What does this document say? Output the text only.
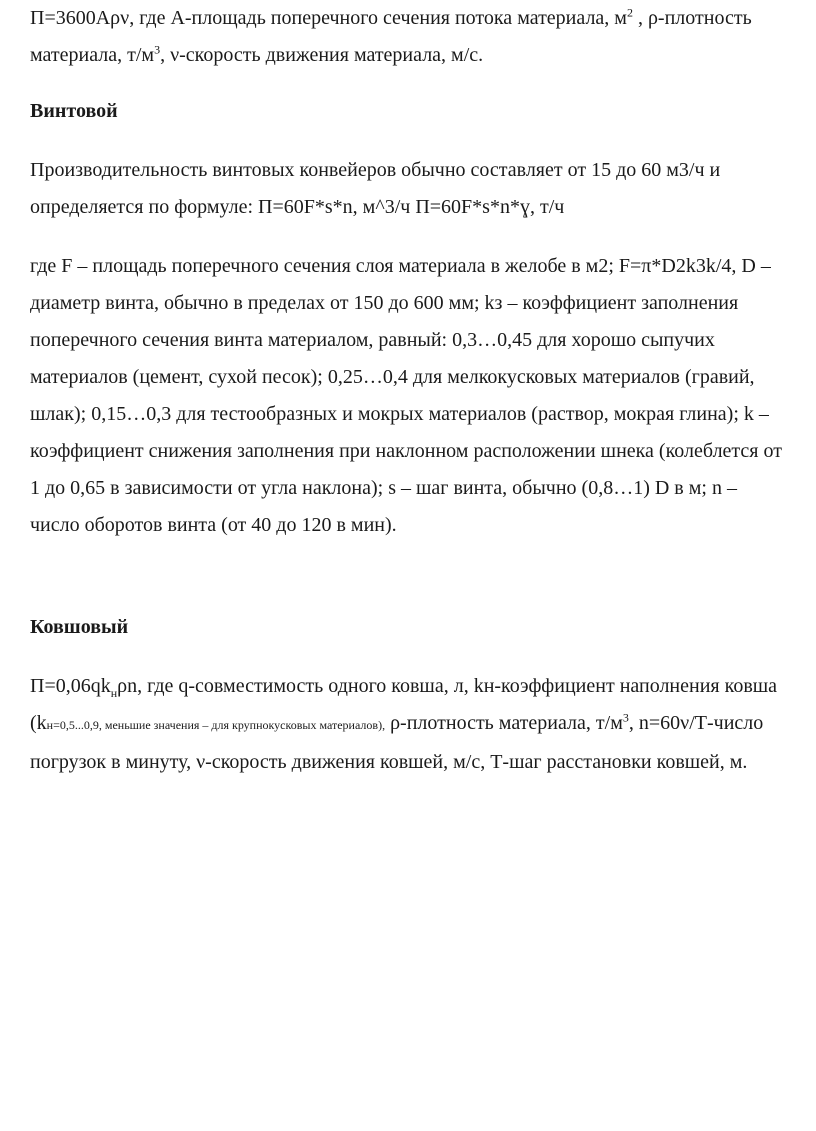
П=3600Аρν, где А-площадь поперечного сечения потока материала, $м^2$ , ρ-плотность материала, $т/м^3$, ν-скорость движения материала, м/с.

Винтовой

Производительность винтовых конвейеров обычно составляет от 15 до 60 м3/ч и определяется по формуле: П=60F*s*n, м^3/ч П=60F*s*n*ɣ, т/ч

где F – площадь поперечного сечения слоя материала в желобе в м2; F=π*D2k3k/4, D – диаметр винта, обычно в пределах от 150 до 600 мм; kз – коэффициент заполнения поперечного сечения винта материалом, равный: 0,3…0,45 для хорошо сыпучих материалов (цемент, сухой песок); 0,25…0,4 для мелкокусковых материалов (гравий, шлак); 0,15…0,3 для тестообразных и мокрых материалов (раствор, мокрая глина); k – коэффициент снижения заполнения при наклонном расположении шнека (колеблется от 1 до 0,65 в зависимости от угла наклона); s – шаг винта, обычно (0,8…1) D в м; n – число оборотов винта (от 40 до 120 в мин).

Ковшовый

$П=0,06qk_н\rho n$, где q-совместимость одного ковша, л, kн-коэффициент наполнения ковша (kн=0,5...0,9, меньшие значения – для крупнокусковых материалов), ρ-плотность материала, $т/м^3$, n=60ν/Т-число погрузок в минуту, ν-скорость движения ковшей, м/с, Т-шаг расстановки ковшей, м.
